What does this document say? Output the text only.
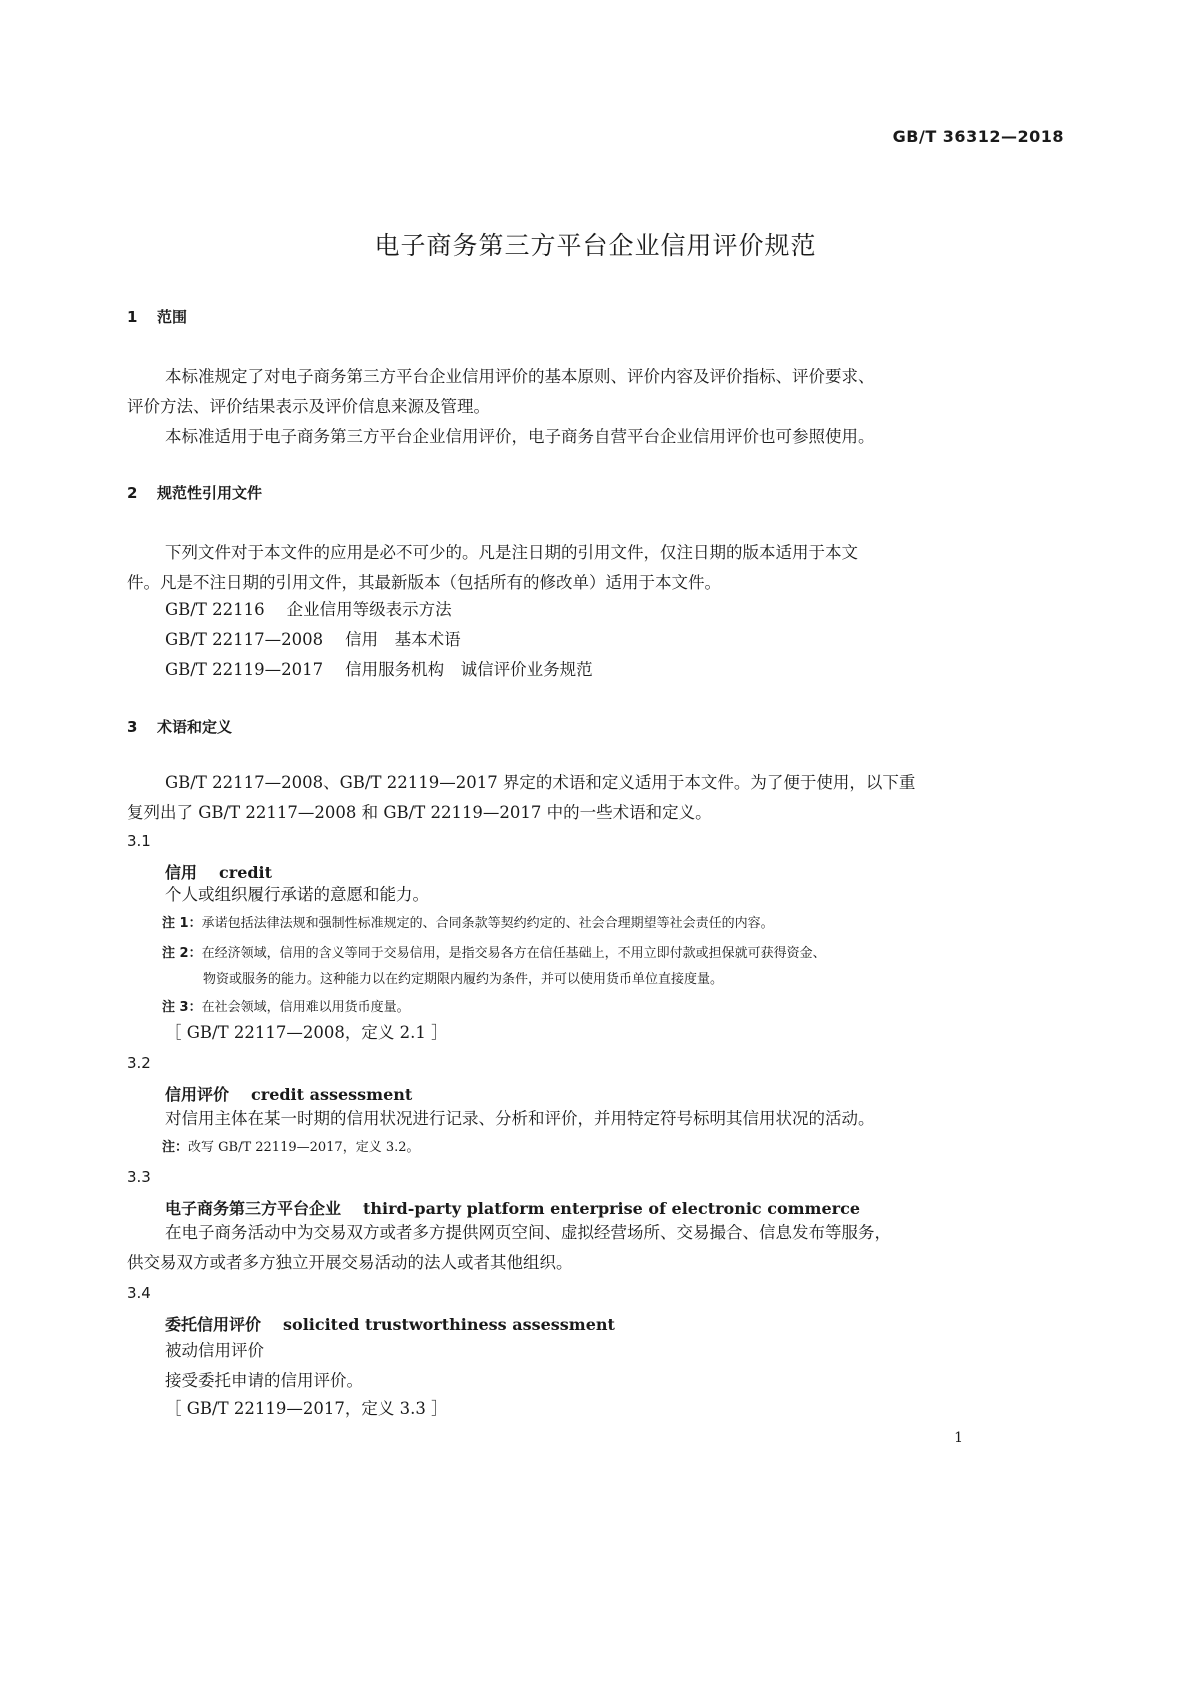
GB/T 36312—2018
电子商务第三方平台企业信用评价规范
1 范围
本标准规定了对电子商务第三方平台企业信用评价的基本原则、评价内容及评价指标、评价要求、
评价方法、评价结果表示及评价信息来源及管理。
本标准适用于电子商务第三方平台企业信用评价，电子商务自营平台企业信用评价也可参照使用。
2 规范性引用文件
下列文件对于本文件的应用是必不可少的。凡是注日期的引用文件，仅注日期的版本适用于本文
件。凡是不注日期的引用文件，其最新版本（包括所有的修改单）适用于本文件。
GB/T 22116 企业信用等级表示方法
GB/T 22117—2008 信用　基本术语
GB/T 22119—2017 信用服务机构　诚信评价业务规范
3 术语和定义
GB/T 22117—2008、GB/T 22119—2017 界定的术语和定义适用于本文件。为了便于使用，以下重
复列出了 GB/T 22117—2008 和 GB/T 22119—2017 中的一些术语和定义。
3.1
信用 credit
个人或组织履行承诺的意愿和能力。
注 1：承诺包括法律法规和强制性标准规定的、合同条款等契约约定的、社会合理期望等社会责任的内容。
注 2：在经济领域，信用的含义等同于交易信用，是指交易各方在信任基础上，不用立即付款或担保就可获得资金、
物资或服务的能力。这种能力以在约定期限内履约为条件，并可以使用货币单位直接度量。
注 3：在社会领域，信用难以用货币度量。
［ GB/T 22117—2008，定义 2.1 ］
3.2
信用评价 credit assessment
对信用主体在某一时期的信用状况进行记录、分析和评价，并用特定符号标明其信用状况的活动。
注：改写 GB/T 22119—2017，定义 3.2。
3.3
电子商务第三方平台企业 third-party platform enterprise of electronic commerce
在电子商务活动中为交易双方或者多方提供网页空间、虚拟经营场所、交易撮合、信息发布等服务，
供交易双方或者多方独立开展交易活动的法人或者其他组织。
3.4
委托信用评价 solicited trustworthiness assessment
被动信用评价
接受委托申请的信用评价。
［ GB/T 22119—2017，定义 3.3 ］
1
